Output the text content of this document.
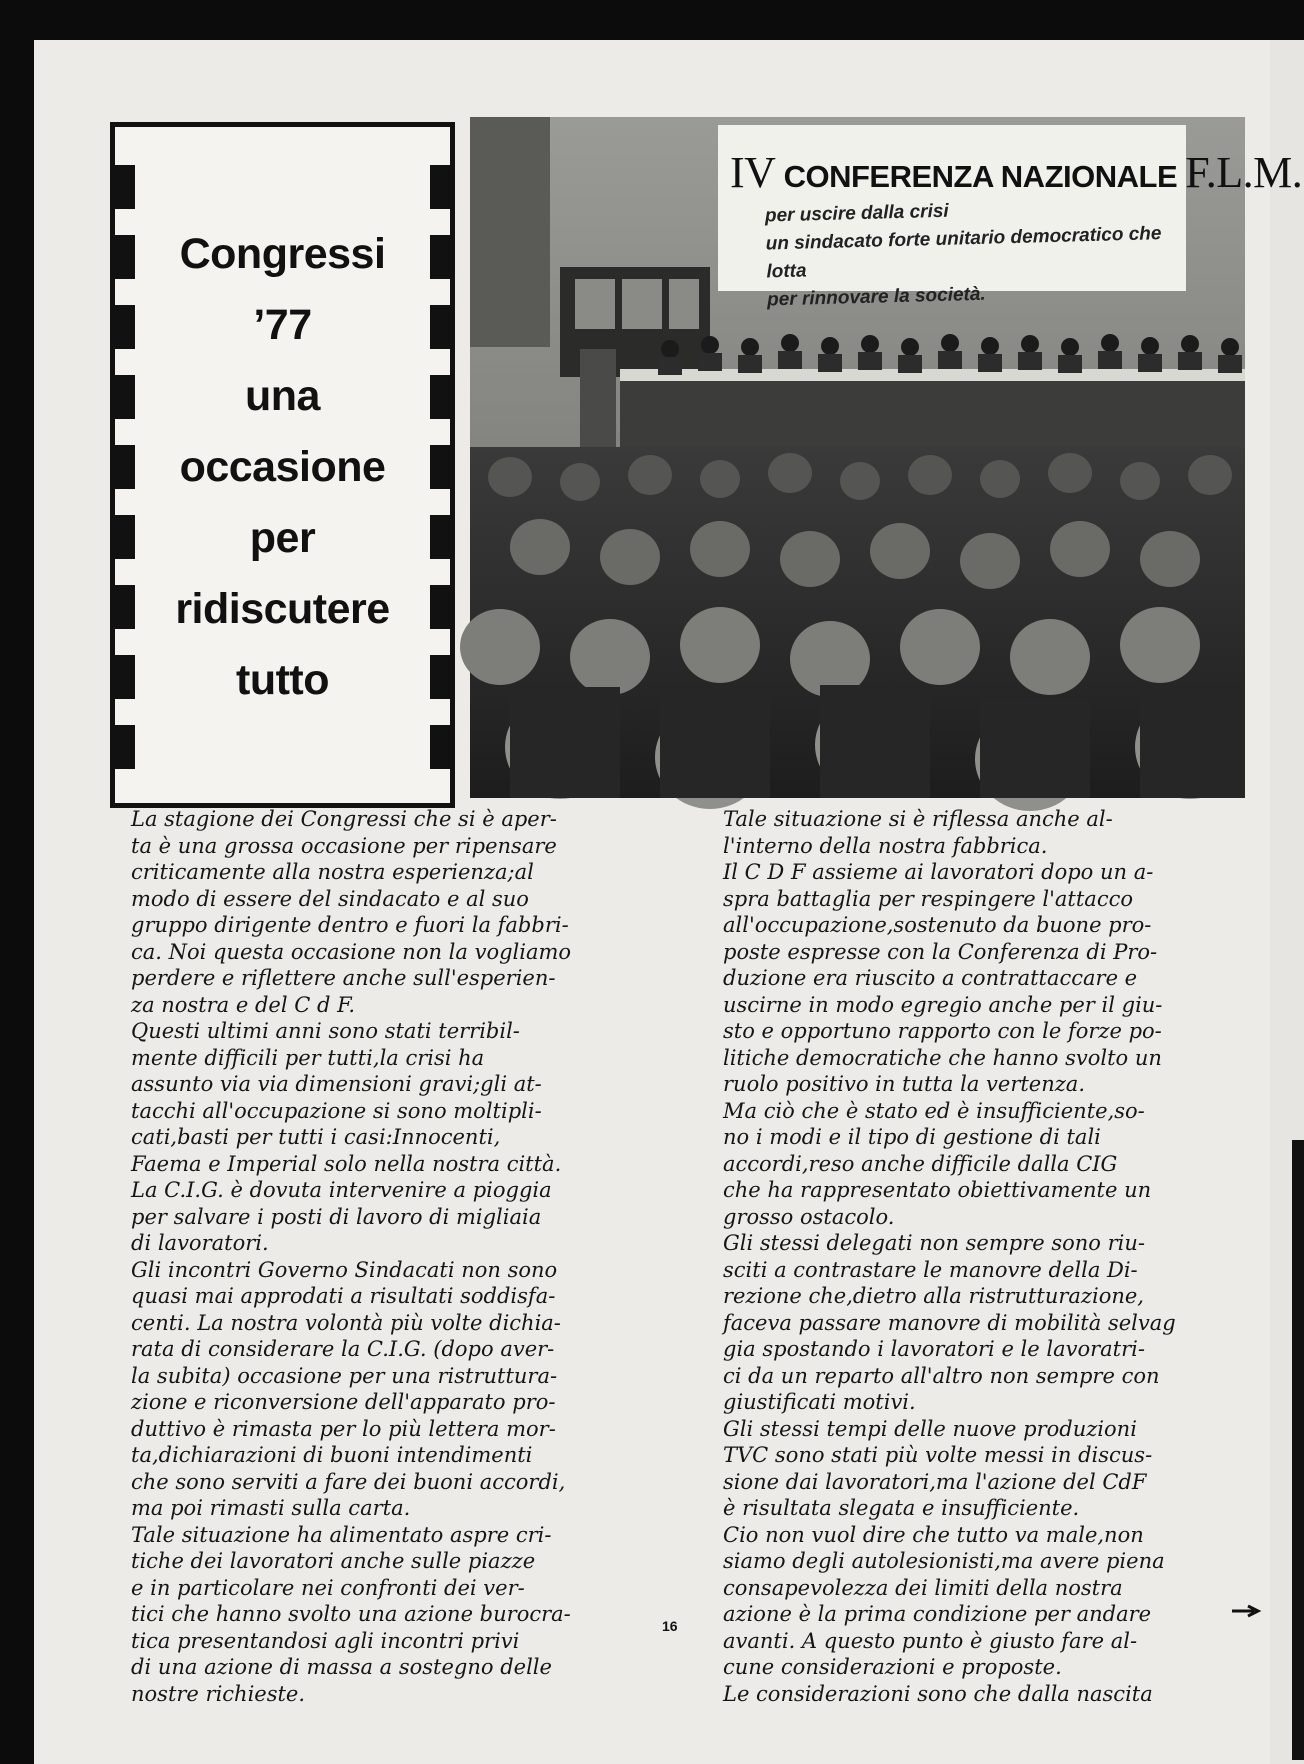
Congressi
’77
una
occasione
per
ridiscutere
tutto
IV CONFERENZA NAZIONALE F.L.M.
per uscire dalla crisi
un sindacato forte unitario democratico che lotta
per rinnovare la società.
La stagione dei Congressi che si è aper-
ta è una grossa occasione per ripensare
criticamente alla nostra esperienza;al
modo di essere del sindacato e al suo
gruppo dirigente dentro e fuori la fabbri-
ca. Noi questa occasione non la vogliamo
perdere e riflettere anche sull'esperien-
za nostra e del C d F.
Questi ultimi anni sono stati terribil-
mente difficili per tutti,la crisi ha
assunto via via dimensioni gravi;gli at-
tacchi all'occupazione si sono moltipli-
cati,basti per tutti i casi:Innocenti,
Faema e Imperial solo nella nostra città.
La C.I.G. è dovuta intervenire a pioggia
per salvare i posti di lavoro di migliaia
di lavoratori.
Gli incontri Governo Sindacati non sono
quasi mai approdati a risultati soddisfa-
centi. La nostra volontà più volte dichia-
rata di considerare la C.I.G. (dopo aver-
la subita) occasione per una ristruttura-
zione e riconversione dell'apparato pro-
duttivo è rimasta per lo più lettera mor-
ta,dichiarazioni di buoni intendimenti
che sono serviti a fare dei buoni accordi,
ma poi rimasti sulla carta.
Tale situazione ha alimentato aspre cri-
tiche dei lavoratori anche sulle piazze
e in particolare nei confronti dei ver-
tici che hanno svolto una azione burocra-
tica presentandosi agli incontri privi
di una azione di massa a sostegno delle
nostre richieste.
Tale situazione si è riflessa anche al-
l'interno della nostra fabbrica.
Il C D F assieme ai lavoratori dopo un a-
spra battaglia per respingere l'attacco
all'occupazione,sostenuto da buone pro-
poste espresse con la Conferenza di Pro-
duzione era riuscito a contrattaccare e
uscirne in modo egregio anche per il giu-
sto e opportuno rapporto con le forze po-
litiche democratiche che hanno svolto un
ruolo positivo in tutta la vertenza.
Ma ciò che è stato ed è insufficiente,so-
no i modi e il tipo di gestione di tali
accordi,reso anche difficile dalla CIG
che ha rappresentato obiettivamente un
grosso ostacolo.
Gli stessi delegati non sempre sono riu-
sciti a contrastare le manovre della Di-
rezione che,dietro alla ristrutturazione,
faceva passare manovre di mobilità selvag
gia spostando i lavoratori e le lavoratri-
ci da un reparto all'altro non sempre con
giustificati motivi.
Gli stessi tempi delle nuove produzioni
TVC sono stati più volte messi in discus-
sione dai lavoratori,ma l'azione del CdF
è risultata slegata e insufficiente.
Cio non vuol dire che tutto va male,non
siamo degli autolesionisti,ma avere piena
consapevolezza dei limiti della nostra
azione è la prima condizione per andare
avanti. A questo punto è giusto fare al-
cune considerazioni e proposte.
Le considerazioni sono che dalla nascita
16
